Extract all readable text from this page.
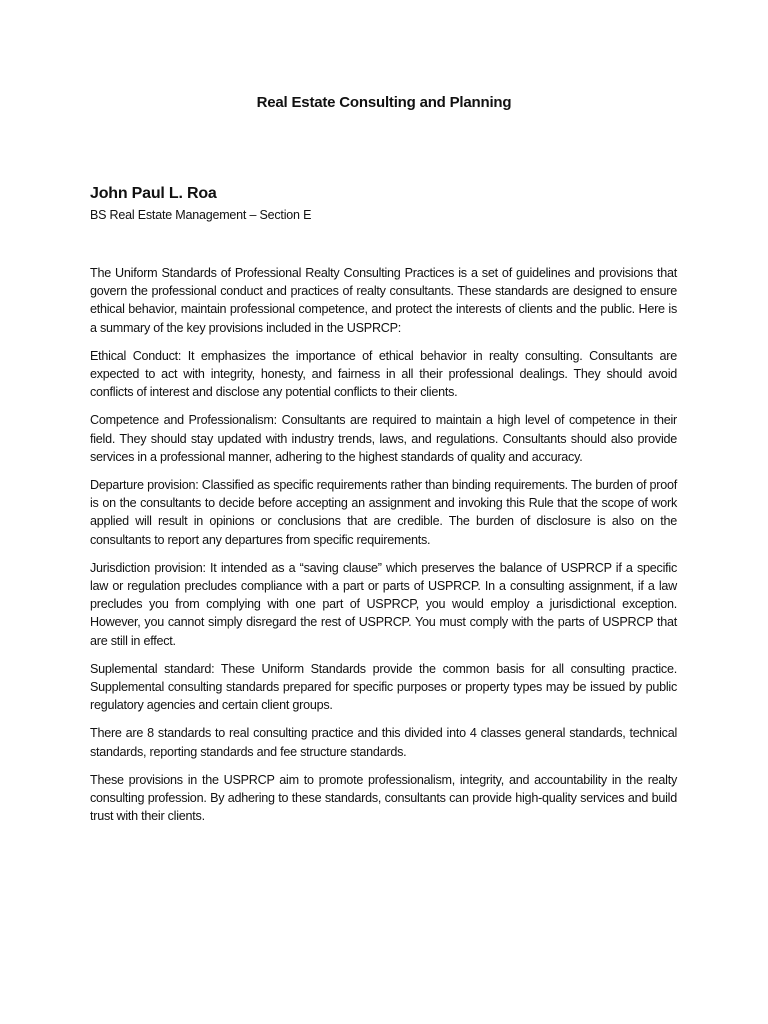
Real Estate Consulting and Planning
John Paul L. Roa
BS Real Estate Management – Section E

The Uniform Standards of Professional Realty Consulting Practices is a set of guidelines and provisions that govern the professional conduct and practices of realty consultants. These standards are designed to ensure ethical behavior, maintain professional competence, and protect the interests of clients and the public. Here is a summary of the key provisions included in the USPRCP:

Ethical Conduct: It emphasizes the importance of ethical behavior in realty consulting. Consultants are expected to act with integrity, honesty, and fairness in all their professional dealings. They should avoid conflicts of interest and disclose any potential conflicts to their clients.

Competence and Professionalism: Consultants are required to maintain a high level of competence in their field. They should stay updated with industry trends, laws, and regulations. Consultants should also provide services in a professional manner, adhering to the highest standards of quality and accuracy.

Departure provision: Classified as specific requirements rather than binding requirements. The burden of proof is on the consultants to decide before accepting an assignment and invoking this Rule that the scope of work applied will result in opinions or conclusions that are credible. The burden of disclosure is also on the consultants to report any departures from specific requirements.

Jurisdiction provision: It intended as a “saving clause” which preserves the balance of USPRCP if a specific law or regulation precludes compliance with a part or parts of USPRCP. In a consulting assignment, if a law precludes you from complying with one part of USPRCP, you would employ a jurisdictional exception. However, you cannot simply disregard the rest of USPRCP. You must comply with the parts of USPRCP that are still in effect.

Suplemental standard: These Uniform Standards provide the common basis for all consulting practice. Supplemental consulting standards prepared for specific purposes or property types may be issued by public regulatory agencies and certain client groups.

There are 8 standards to real consulting practice and this divided into 4 classes general standards, technical standards, reporting standards and fee structure standards.

These provisions in the USPRCP aim to promote professionalism, integrity, and accountability in the realty consulting profession. By adhering to these standards, consultants can provide high-quality services and build trust with their clients.
